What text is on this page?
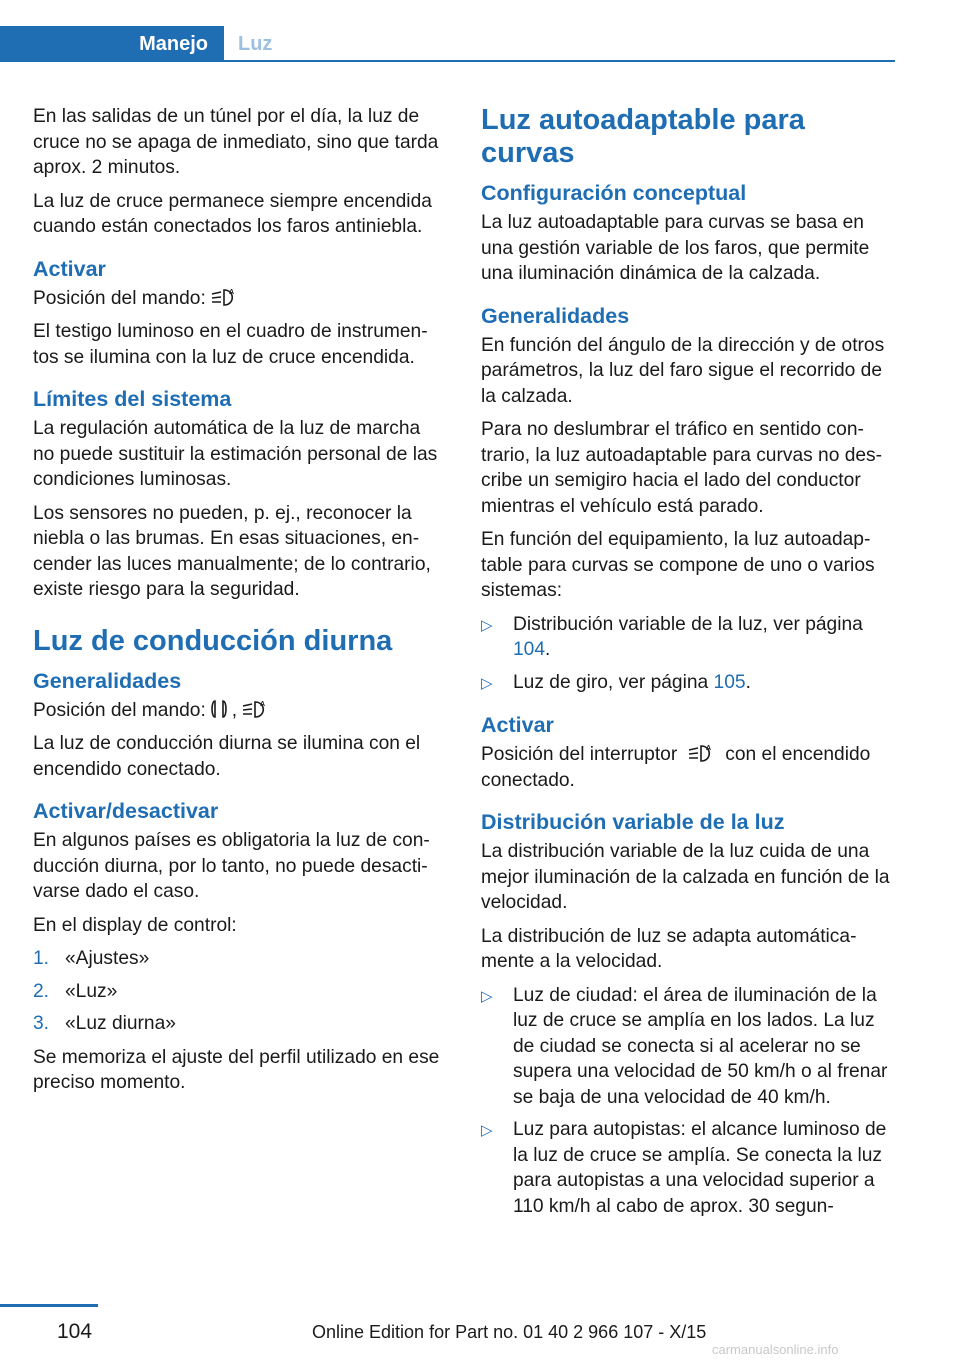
Manejo	Luz

En las salidas de un túnel por el día, la luz de cruce no se apaga de inmediato, sino que tarda aprox. 2 minutos.

La luz de cruce permanece siempre encendida cuando están conectados los faros antiniebla.

Activar

Posición del mando:	A

El testigo luminoso en el cuadro de instrumentos se ilumina con la luz de cruce encendida.

Límites del sistema

La regulación automática de la luz de marcha no puede sustituir la estimación personal de las condiciones luminosas.

Los sensores no pueden, p. ej., reconocer la niebla o las brumas. En esas situaciones, encender las luces manualmente; de lo contrario, existe riesgo para la seguridad.

Luz de conducción diurna
Generalidades

Posición del mando: ,	A

La luz de conducción diurna se ilumina con el encendido conectado.

Activar/desactivar

En algunos países es obligatoria la luz de conducción diurna, por lo tanto, no puede desactivarse dado el caso.

En el display de control:

1. «Ajustes»
2. «Luz»
3. «Luz diurna»

Se memoriza el ajuste del perfil utilizado en ese preciso momento.

Luz autoadaptable para curvas
Configuración conceptual

La luz autoadaptable para curvas se basa en una gestión variable de los faros, que permite una iluminación dinámica de la calzada.

Generalidades

En función del ángulo de la dirección y de otros parámetros, la luz del faro sigue el recorrido de la calzada.

Para no deslumbrar el tráfico en sentido contrario, la luz autoadaptable para curvas no describe un semigiro hacia el lado del conductor mientras el vehículo está parado.

En función del equipamiento, la luz autoadaptable para curvas se compone de uno o varios sistemas:

▷	Distribución variable de la luz, ver página 104.
▷	Luz de giro, ver página 105.
Activar

Posición del interruptor	A con el encendido conectado.

Distribución variable de la luz

La distribución variable de la luz cuida de una mejor iluminación de la calzada en función de la velocidad.

La distribución de luz se adapta automáticamente a la velocidad.

▷	Luz de ciudad: el área de iluminación de la luz de cruce se amplía en los lados. La luz de ciudad se conecta si al acelerar no se supera una velocidad de 50 km/h o al frenar se baja de una velocidad de 40 km/h.
▷	Luz para autopistas: el alcance luminoso de la luz de cruce se amplía. Se conecta la luz para autopistas a una velocidad superior a 110 km/h al cabo de aprox. 30 segun-
104	Online Edition for Part no. 01 40 2 966 107 - X/15
carmanualsonline.info
